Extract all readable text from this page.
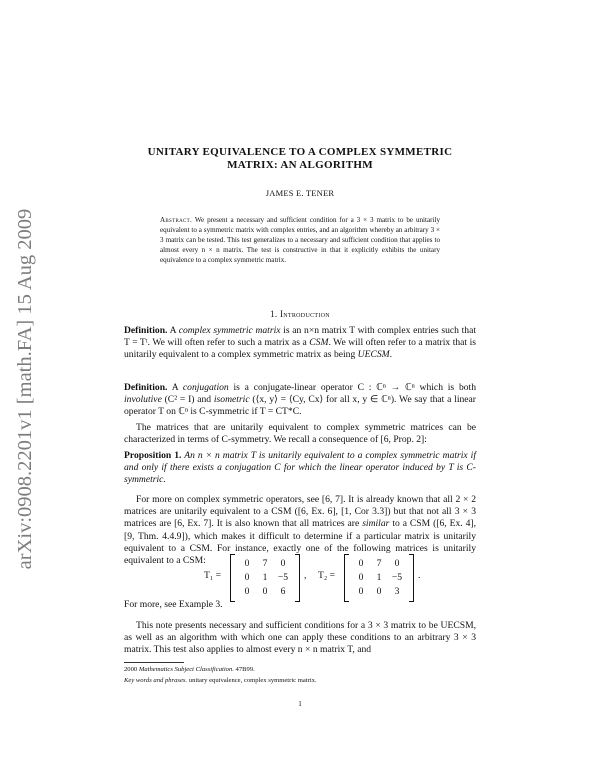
arXiv:0908.2201v1 [math.FA] 15 Aug 2009
UNITARY EQUIVALENCE TO A COMPLEX SYMMETRIC
MATRIX: AN ALGORITHM
JAMES E. TENER

Abstract. We present a necessary and sufficient condition for a 3 × 3 matrix to be unitarily equivalent to a symmetric matrix with complex entries, and an algorithm whereby an arbitrary 3 × 3 matrix can be tested. This test generalizes to a necessary and sufficient condition that applies to almost every n × n matrix. The test is constructive in that it explicitly exhibits the unitary equivalence to a complex symmetric matrix.

1. Introduction

Definition. A complex symmetric matrix is an n×n matrix T with complex entries such that T = Tᵗ. We will often refer to such a matrix as a CSM. We will often refer to a matrix that is unitarily equivalent to a complex symmetric matrix as being UECSM.

Definition. A conjugation is a conjugate-linear operator C : ℂⁿ → ℂⁿ which is both involutive (C² = I) and isometric (⟨x, y⟩ = ⟨Cy, Cx⟩ for all x, y ∈ ℂⁿ). We say that a linear operator T on ℂⁿ is C-symmetric if T = CT*C.

The matrices that are unitarily equivalent to complex symmetric matrices can be characterized in terms of C-symmetry. We recall a consequence of [6, Prop. 2]:

Proposition 1. An n × n matrix T is unitarily equivalent to a complex symmetric matrix if and only if there exists a conjugation C for which the linear operator induced by T is C-symmetric.

For more on complex symmetric operators, see [6, 7]. It is already known that all 2 × 2 matrices are unitarily equivalent to a CSM ([6, Ex. 6], [1, Cor 3.3]) but that not all 3 × 3 matrices are [6, Ex. 7]. It is also known that all matrices are similar to a CSM ([6, Ex. 4], [9, Thm. 4.4.9]), which makes it difficult to determine if a particular matrix is unitarily equivalent to a CSM. For instance, exactly one of the following matrices is unitarily equivalent to a CSM:

T₁ =
0	7	0
0	1	−5
0	0	6
, T₂ =
0	7	0
0	1	−5
0	0	3
.

For more, see Example 3.

This note presents necessary and sufficient conditions for a 3 × 3 matrix to be UECSM, as well as an algorithm with which one can apply these conditions to an arbitrary 3 × 3 matrix. This test also applies to almost every n × n matrix T, and

2000 Mathematics Subject Classification. 47B99.

Key words and phrases. unitary equivalence, complex symmetric matrix.

1
